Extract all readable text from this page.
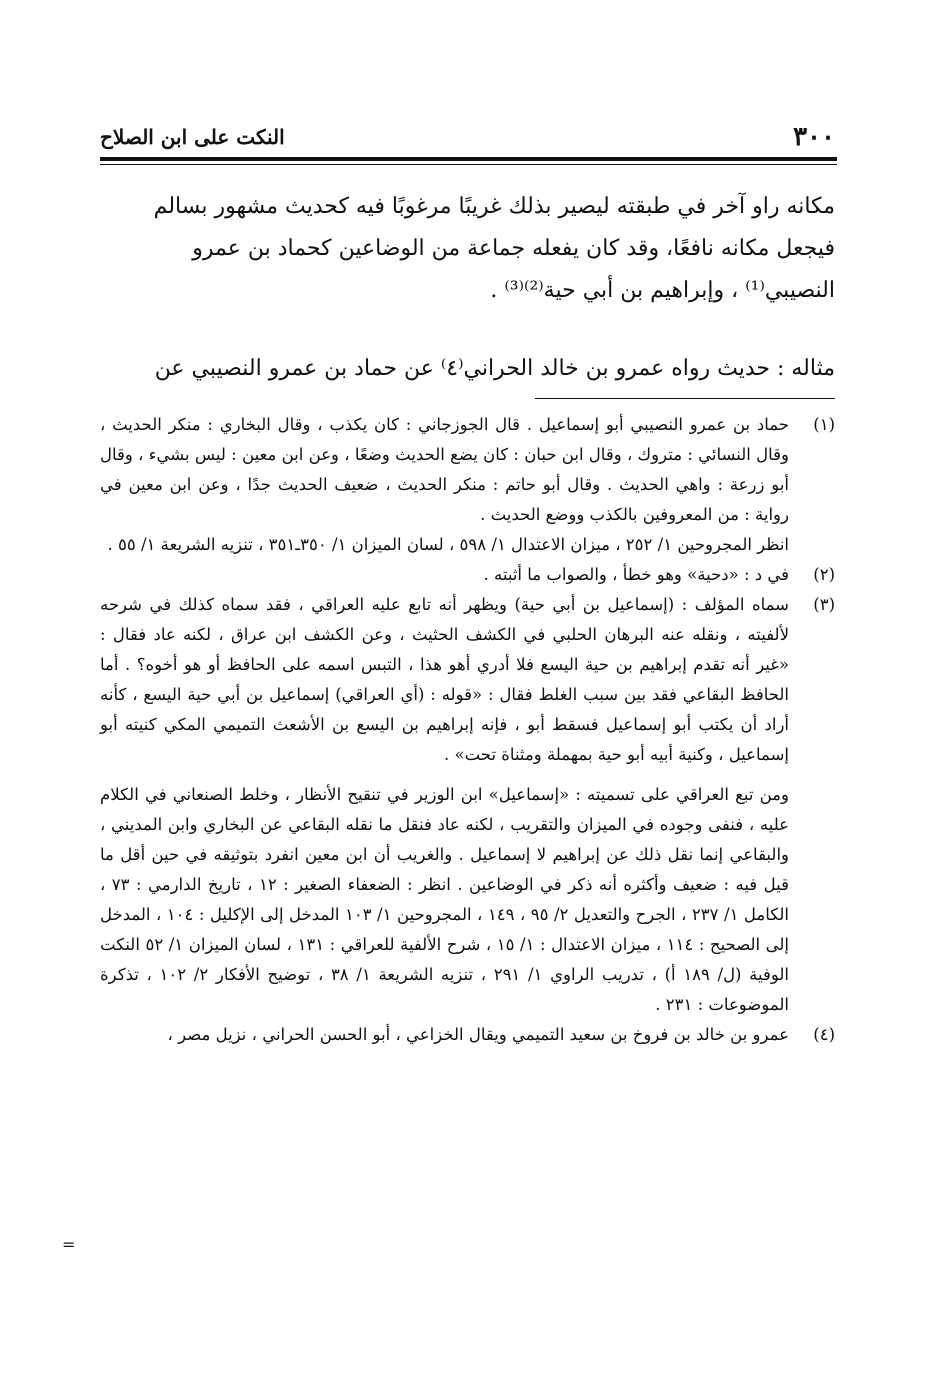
٣٠٠
النكت على ابن الصلاح

مكانه راو آخر في طبقته ليصير بذلك غريبًا مرغوبًا فيه كحديث مشهور بسالم

فيجعل مكانه نافعًا، وقد كان يفعله جماعة من الوضاعين كحماد بن عمرو

النصيبي⁽¹⁾ ، وإبراهيم بن أبي حية⁽²⁾⁽³⁾ .

مثاله : حديث رواه عمرو بن خالد الحراني⁽٤⁾ عن حماد بن عمرو النصيبي عن
(١)

حماد بن عمرو النصيبي أبو إسماعيل . قال الجوزجاني : كان يكذب ، وقال البخاري : منكر الحديث ، وقال النسائي : متروك ، وقال ابن حبان : كان يضع الحديث وضعًا ، وعن ابن معين : ليس بشيء ، وقال أبو زرعة : واهي الحديث . وقال أبو حاتم : منكر الحديث ، ضعيف الحديث جدًا ، وعن ابن معين في رواية : من المعروفين بالكذب ووضع الحديث .

انظر المجروحين ١/ ٢٥٢ ، ميزان الاعتدال ١/ ٥٩٨ ، لسان الميزان ١/ ٣٥٠ـ٣٥١ ، تنزيه الشريعة ١/ ٥٥ .

(٢)

في د : «دحية» وهو خطأ ، والصواب ما أثبته .

(٣)

سماه المؤلف : (إسماعيل بن أبي حية) ويظهر أنه تابع عليه العراقي ، فقد سماه كذلك في شرحه لألفيته ، ونقله عنه البرهان الحلبي في الكشف الحثيث ، وعن الكشف ابن عراق ، لكنه عاد فقال : «غير أنه تقدم إبراهيم بن حية اليسع فلا أدري أهو هذا ، التبس اسمه على الحافظ أو هو أخوه؟ . أما الحافظ البقاعي فقد بين سبب الغلط فقال : «قوله : (أي العراقي) إسماعيل بن أبي حية اليسع ، كأنه أراد أن يكتب أبو إسماعيل فسقط أبو ، فإنه إبراهيم بن اليسع بن الأشعث التميمي المكي كنيته أبو إسماعيل ، وكنية أبيه أبو حية بمهملة ومثناة تحت» .

ومن تبع العراقي على تسميته : «إسماعيل» ابن الوزير في تنقيح الأنظار ، وخلط الصنعاني في الكلام عليه ، فنفى وجوده في الميزان والتقريب ، لكنه عاد فنقل ما نقله البقاعي عن البخاري وابن المديني ، والبقاعي إنما نقل ذلك عن إبراهيم لا إسماعيل . والغريب أن ابن معين انفرد بتوثيقه في حين أقل ما قيل فيه : ضعيف وأكثره أنه ذكر في الوضاعين . انظر : الضعفاء الصغير : ١٢ ، تاريخ الدارمي : ٧٣ ، الكامل ١/ ٢٣٧ ، الجرح والتعديل ٢/ ٩٥ ، ١٤٩ ، المجروحين ١/ ١٠٣ المدخل إلى الإكليل : ١٠٤ ، المدخل إلى الصحيح : ١١٤ ، ميزان الاعتدال : ١/ ١٥ ، شرح الألفية للعراقي : ١٣١ ، لسان الميزان ١/ ٥٢ النكت الوفية (ل/ ١٨٩ أ) ، تدريب الراوي ١/ ٢٩١ ، تنزيه الشريعة ١/ ٣٨ ، توضيح الأفكار ٢/ ١٠٢ ، تذكرة الموضوعات : ٢٣١ .

(٤)

عمرو بن خالد بن فروخ بن سعيد التميمي ويقال الخزاعي ، أبو الحسن الحراني ، نزيل مصر ،

=
